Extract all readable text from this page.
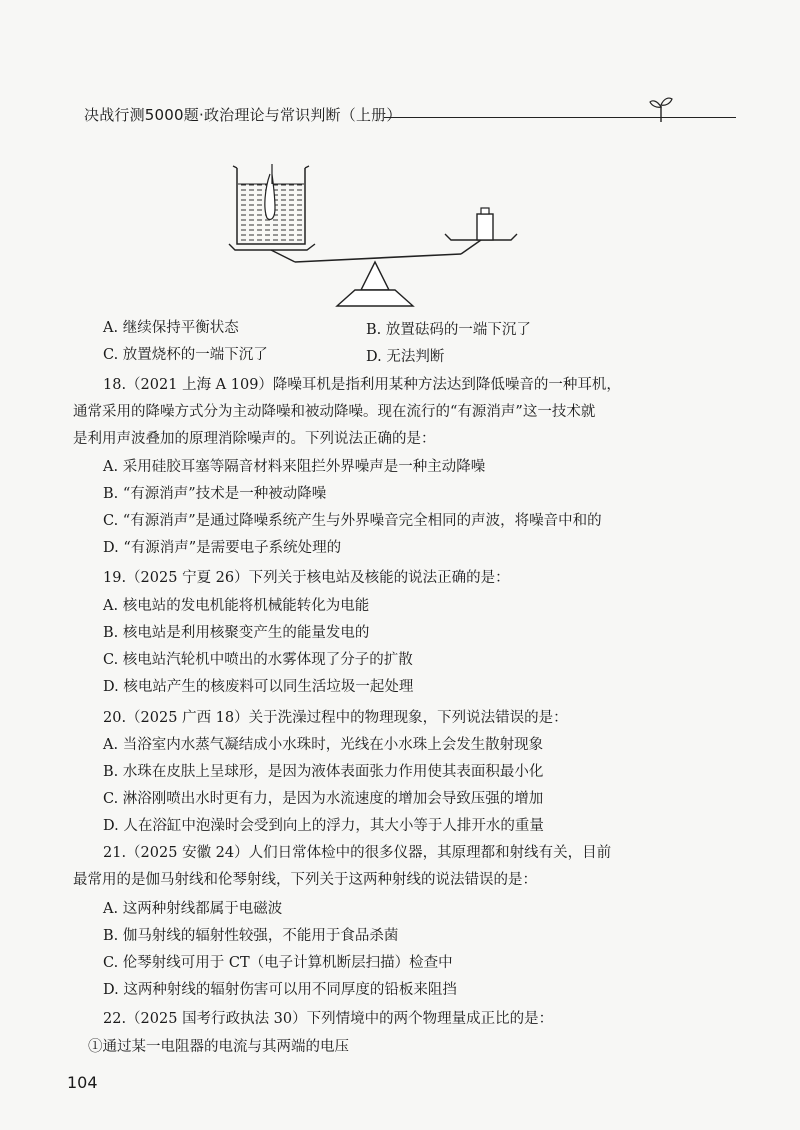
决战行测5000题·政治理论与常识判断（上册）
A. 继续保持平衡状态	B. 放置砝码的一端下沉了
C. 放置烧杯的一端下沉了	D. 无法判断
18.（2021 上海 A 109）降噪耳机是指利用某种方法达到降低噪音的一种耳机，
通常采用的降噪方式分为主动降噪和被动降噪。现在流行的“有源消声”这一技术就
是利用声波叠加的原理消除噪声的。下列说法正确的是：
A. 采用硅胶耳塞等隔音材料来阻拦外界噪声是一种主动降噪
B. “有源消声”技术是一种被动降噪
C. “有源消声”是通过降噪系统产生与外界噪音完全相同的声波，将噪音中和的
D. “有源消声”是需要电子系统处理的
19.（2025 宁夏 26）下列关于核电站及核能的说法正确的是：
A. 核电站的发电机能将机械能转化为电能
B. 核电站是利用核聚变产生的能量发电的
C. 核电站汽轮机中喷出的水雾体现了分子的扩散
D. 核电站产生的核废料可以同生活垃圾一起处理
20.（2025 广西 18）关于洗澡过程中的物理现象，下列说法错误的是：
A. 当浴室内水蒸气凝结成小水珠时，光线在小水珠上会发生散射现象
B. 水珠在皮肤上呈球形，是因为液体表面张力作用使其表面积最小化
C. 淋浴刚喷出水时更有力，是因为水流速度的增加会导致压强的增加
D. 人在浴缸中泡澡时会受到向上的浮力，其大小等于人排开水的重量
21.（2025 安徽 24）人们日常体检中的很多仪器，其原理都和射线有关，目前
最常用的是伽马射线和伦琴射线，下列关于这两种射线的说法错误的是：
A. 这两种射线都属于电磁波
B. 伽马射线的辐射性较强，不能用于食品杀菌
C. 伦琴射线可用于 CT（电子计算机断层扫描）检查中
D. 这两种射线的辐射伤害可以用不同厚度的铅板来阻挡
22.（2025 国考行政执法 30）下列情境中的两个物理量成正比的是：
①通过某一电阻器的电流与其两端的电压
104
